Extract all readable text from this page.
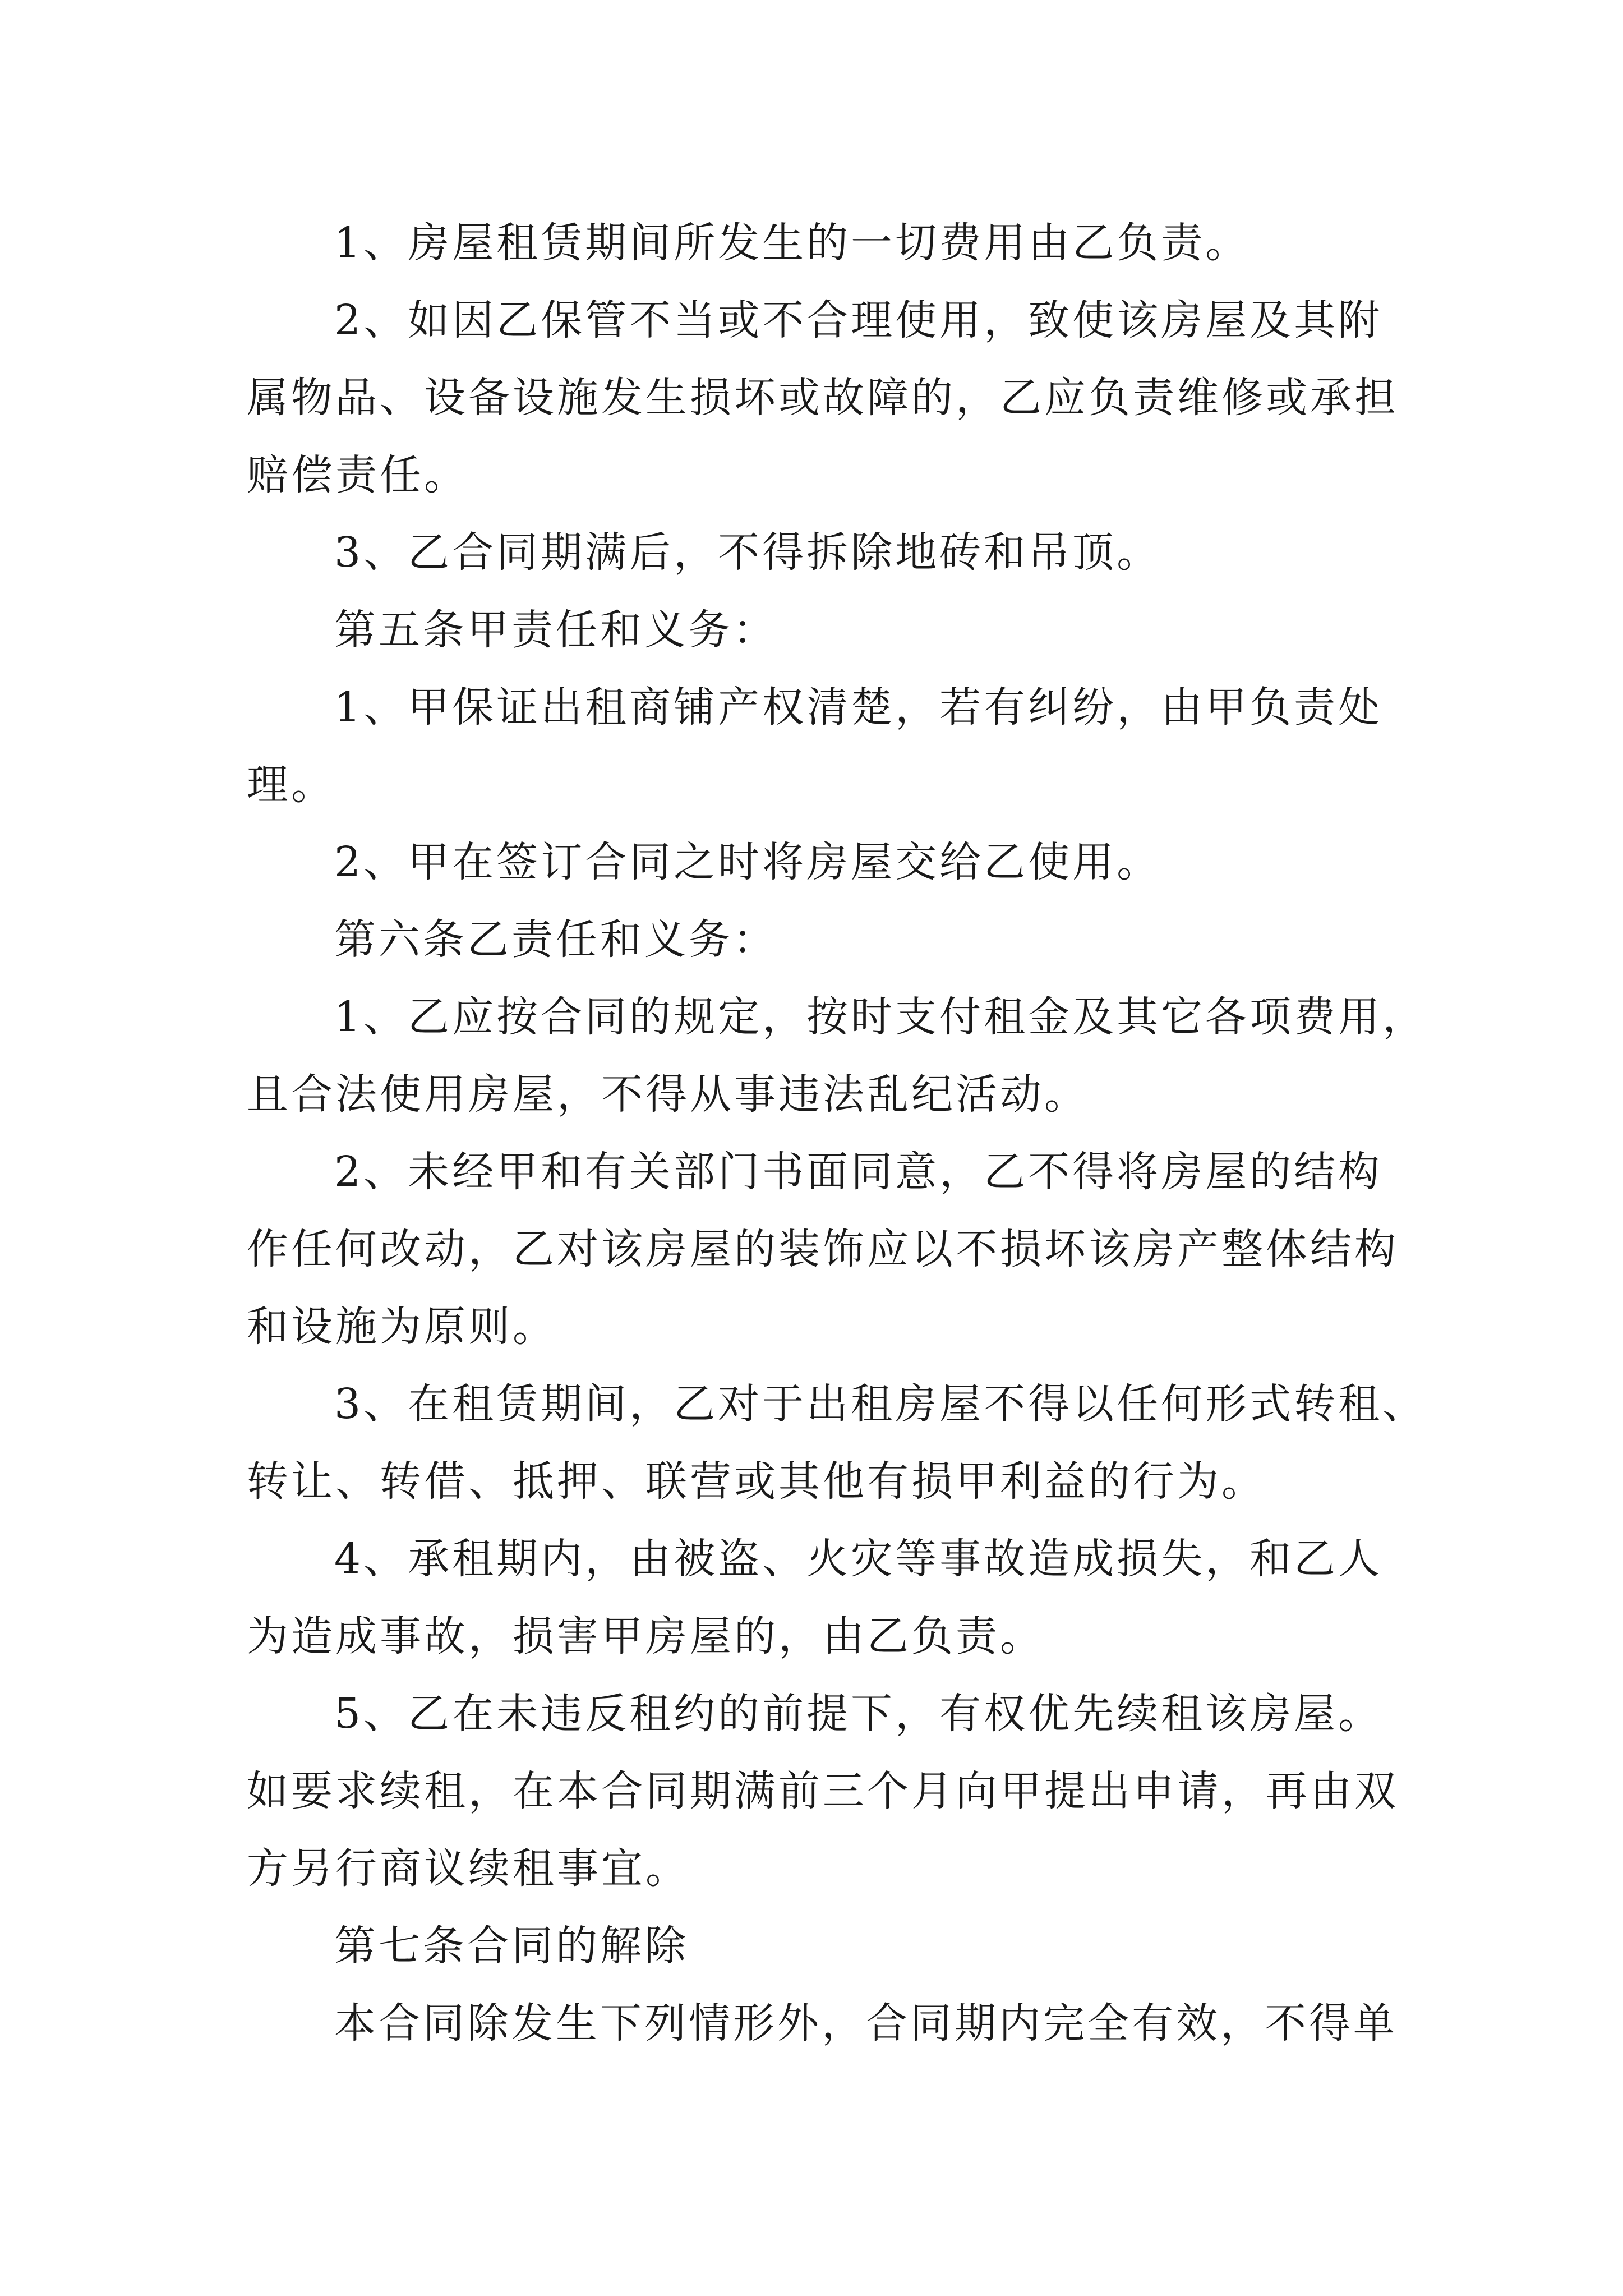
1、房屋租赁期间所发生的一切费用由乙负责。
2、如因乙保管不当或不合理使用，致使该房屋及其附
属物品、设备设施发生损坏或故障的，乙应负责维修或承担
赔偿责任。
3、乙合同期满后，不得拆除地砖和吊顶。
第五条甲责任和义务：
1、甲保证出租商铺产权清楚，若有纠纷，由甲负责处
理。
2、甲在签订合同之时将房屋交给乙使用。
第六条乙责任和义务：
1、乙应按合同的规定，按时支付租金及其它各项费用，
且合法使用房屋，不得从事违法乱纪活动。
2、未经甲和有关部门书面同意，乙不得将房屋的结构
作任何改动，乙对该房屋的装饰应以不损坏该房产整体结构
和设施为原则。
3、在租赁期间，乙对于出租房屋不得以任何形式转租、
转让、转借、抵押、联营或其他有损甲利益的行为。
4、承租期内，由被盗、火灾等事故造成损失，和乙人
为造成事故，损害甲房屋的，由乙负责。
5、乙在未违反租约的前提下，有权优先续租该房屋。
如要求续租，在本合同期满前三个月向甲提出申请，再由双
方另行商议续租事宜。
第七条合同的解除
本合同除发生下列情形外，合同期内完全有效，不得单
